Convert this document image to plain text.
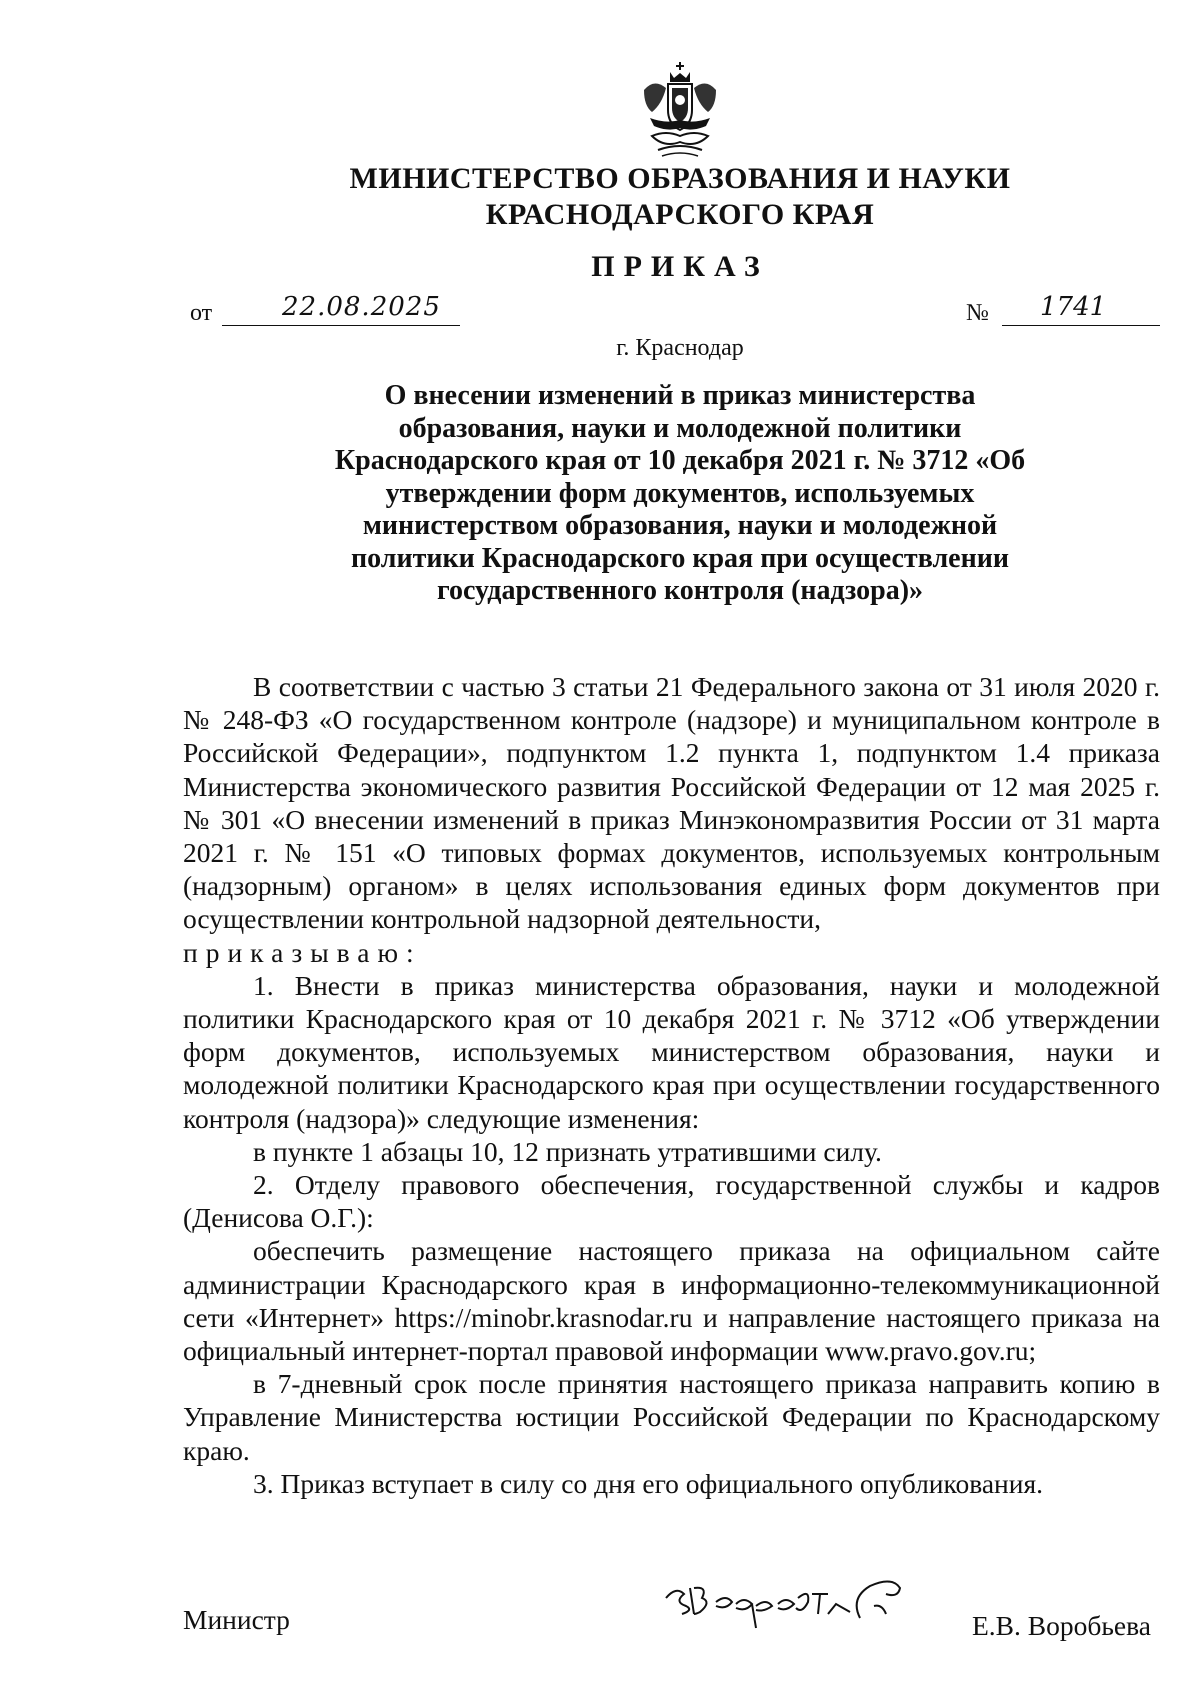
МИНИСТЕРСТВО ОБРАЗОВАНИЯ И НАУКИ
КРАСНОДАРСКОГО КРАЯ
ПРИКАЗ
от	22.08.2025	№ 1741
г. Краснодар
О внесении изменений в приказ министерства образования, науки и молодежной политики Краснодарского края от 10 декабря 2021 г. № 3712 «Об утверждении форм документов, используемых министерством образования, науки и молодежной политики Краснодарского края при осуществлении государственного контроля (надзора)»

В соответствии с частью 3 статьи 21 Федерального закона от 31 июля 2020 г. № 248-ФЗ «О государственном контроле (надзоре) и муниципальном контроле в Российской Федерации», подпунктом 1.2 пункта 1, подпунктом 1.4 приказа Министерства экономического развития Российской Федерации от 12 мая 2025 г. № 301 «О внесении изменений в приказ Минэкономразвития России от 31 марта 2021 г. № 151 «О типовых формах документов, используемых контрольным (надзорным) органом» в целях использования единых форм документов при осуществлении контрольной надзорной деятельности,

приказываю:

1. Внести в приказ министерства образования, науки и молодежной политики Краснодарского края от 10 декабря 2021 г. № 3712 «Об утверждении форм документов, используемых министерством образования, науки и молодежной политики Краснодарского края при осуществлении государственного контроля (надзора)» следующие изменения:

в пункте 1 абзацы 10, 12 признать утратившими силу.

2. Отделу правового обеспечения, государственной службы и кадров (Денисова О.Г.):

обеспечить размещение настоящего приказа на официальном сайте администрации Краснодарского края в информационно-телекоммуникационной сети «Интернет» https://minobr.krasnodar.ru и направление настоящего приказа на официальный интернет-портал правовой информации www.pravo.gov.ru;

в 7-дневный срок после принятия настоящего приказа направить копию в Управление Министерства юстиции Российской Федерации по Краснодарскому краю.

3. Приказ вступает в силу со дня его официального опубликования.

Министр	Е.В. Воробьева
